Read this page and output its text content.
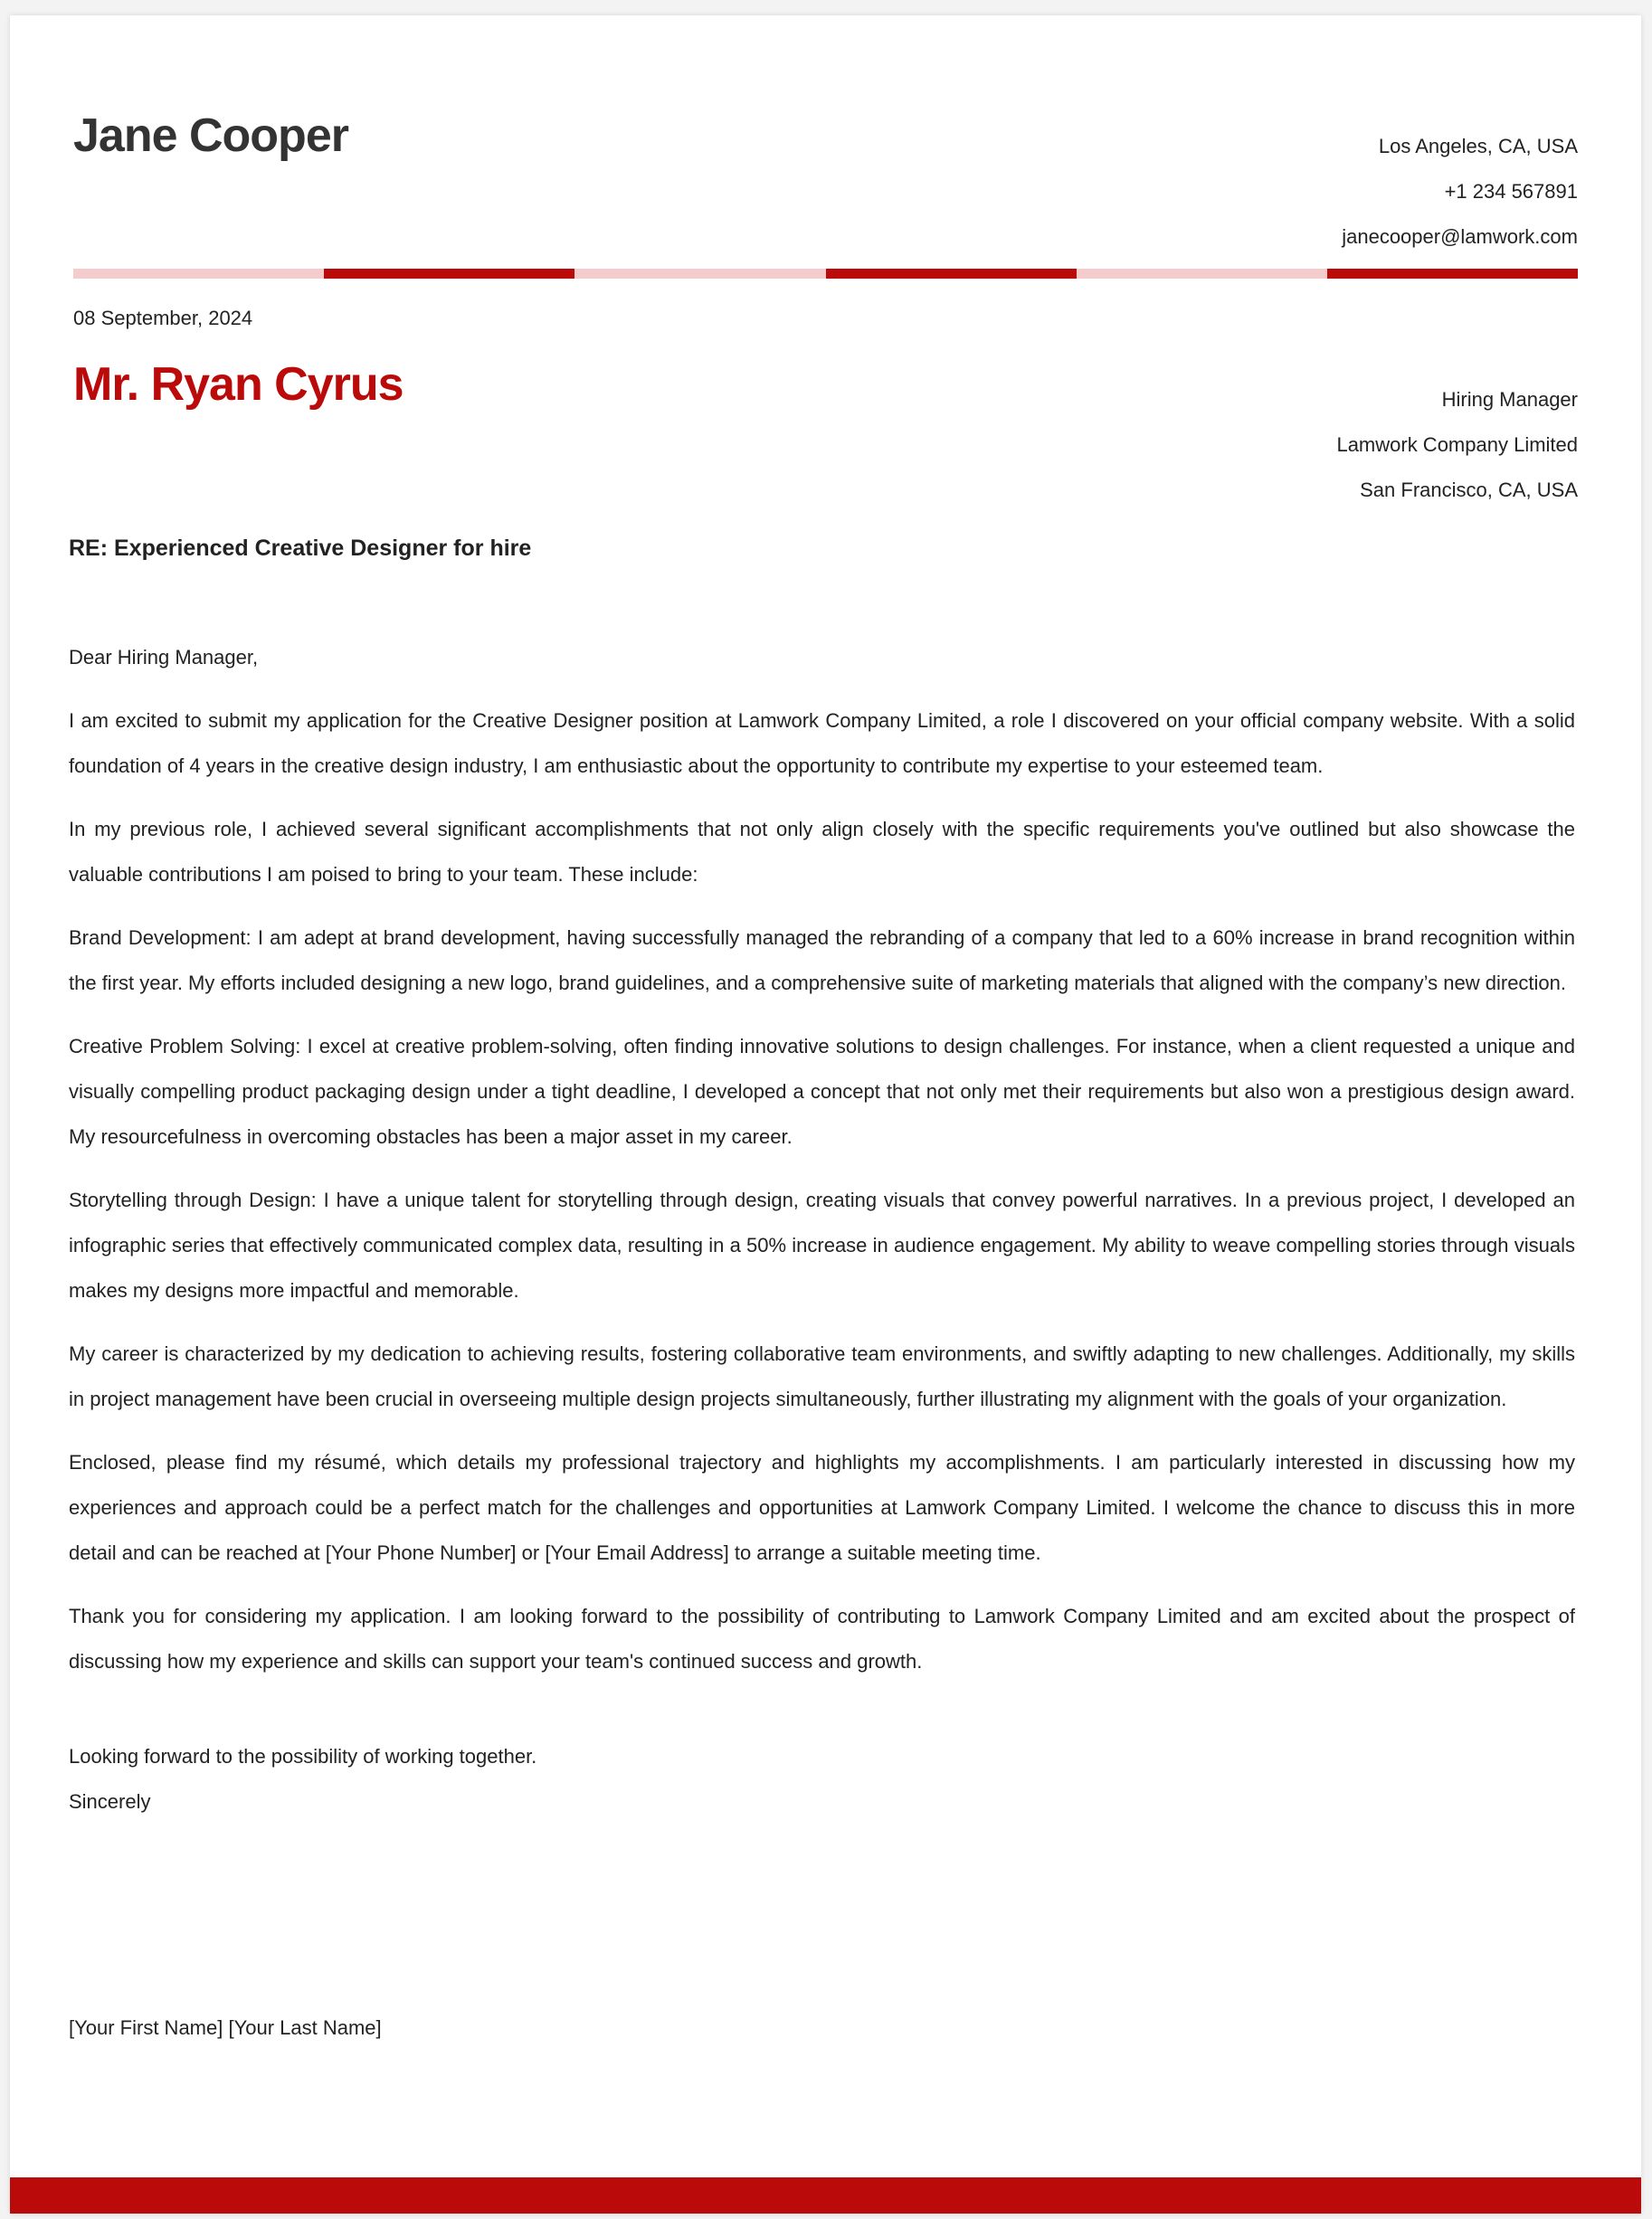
Jane Cooper	Los Angeles, CA, USA
+1 234 567891
janecooper@lamwork.com
08 September, 2024
Mr. Ryan Cyrus	Hiring Manager
Lamwork Company Limited
San Francisco, CA, USA
RE: Experienced Creative Designer for hire

Dear Hiring Manager,

I am excited to submit my application for the Creative Designer position at Lamwork Company Limited, a role I discovered on your official company website. With a solid foundation of 4 years in the creative design industry, I am enthusiastic about the opportunity to contribute my expertise to your esteemed team.

In my previous role, I achieved several significant accomplishments that not only align closely with the specific requirements you've outlined but also showcase the valuable contributions I am poised to bring to your team. These include:

Brand Development: I am adept at brand development, having successfully managed the rebranding of a company that led to a 60% increase in brand recognition within the first year. My efforts included designing a new logo, brand guidelines, and a comprehensive suite of marketing materials that aligned with the company’s new direction.

Creative Problem Solving: I excel at creative problem-solving, often finding innovative solutions to design challenges. For instance, when a client requested a unique and visually compelling product packaging design under a tight deadline, I developed a concept that not only met their requirements but also won a prestigious design award. My resourcefulness in overcoming obstacles has been a major asset in my career.

Storytelling through Design: I have a unique talent for storytelling through design, creating visuals that convey powerful narratives. In a previous project, I developed an infographic series that effectively communicated complex data, resulting in a 50% increase in audience engagement. My ability to weave compelling stories through visuals makes my designs more impactful and memorable.

My career is characterized by my dedication to achieving results, fostering collaborative team environments, and swiftly adapting to new challenges. Additionally, my skills in project management have been crucial in overseeing multiple design projects simultaneously, further illustrating my alignment with the goals of your organization.

Enclosed, please find my résumé, which details my professional trajectory and highlights my accomplishments. I am particularly interested in discussing how my experiences and approach could be a perfect match for the challenges and opportunities at Lamwork Company Limited. I welcome the chance to discuss this in more detail and can be reached at [Your Phone Number] or [Your Email Address] to arrange a suitable meeting time.

Thank you for considering my application. I am looking forward to the possibility of contributing to Lamwork Company Limited and am excited about the prospect of discussing how my experience and skills can support your team's continued success and growth.

Looking forward to the possibility of working together.
Sincerely
[Your First Name] [Your Last Name]
